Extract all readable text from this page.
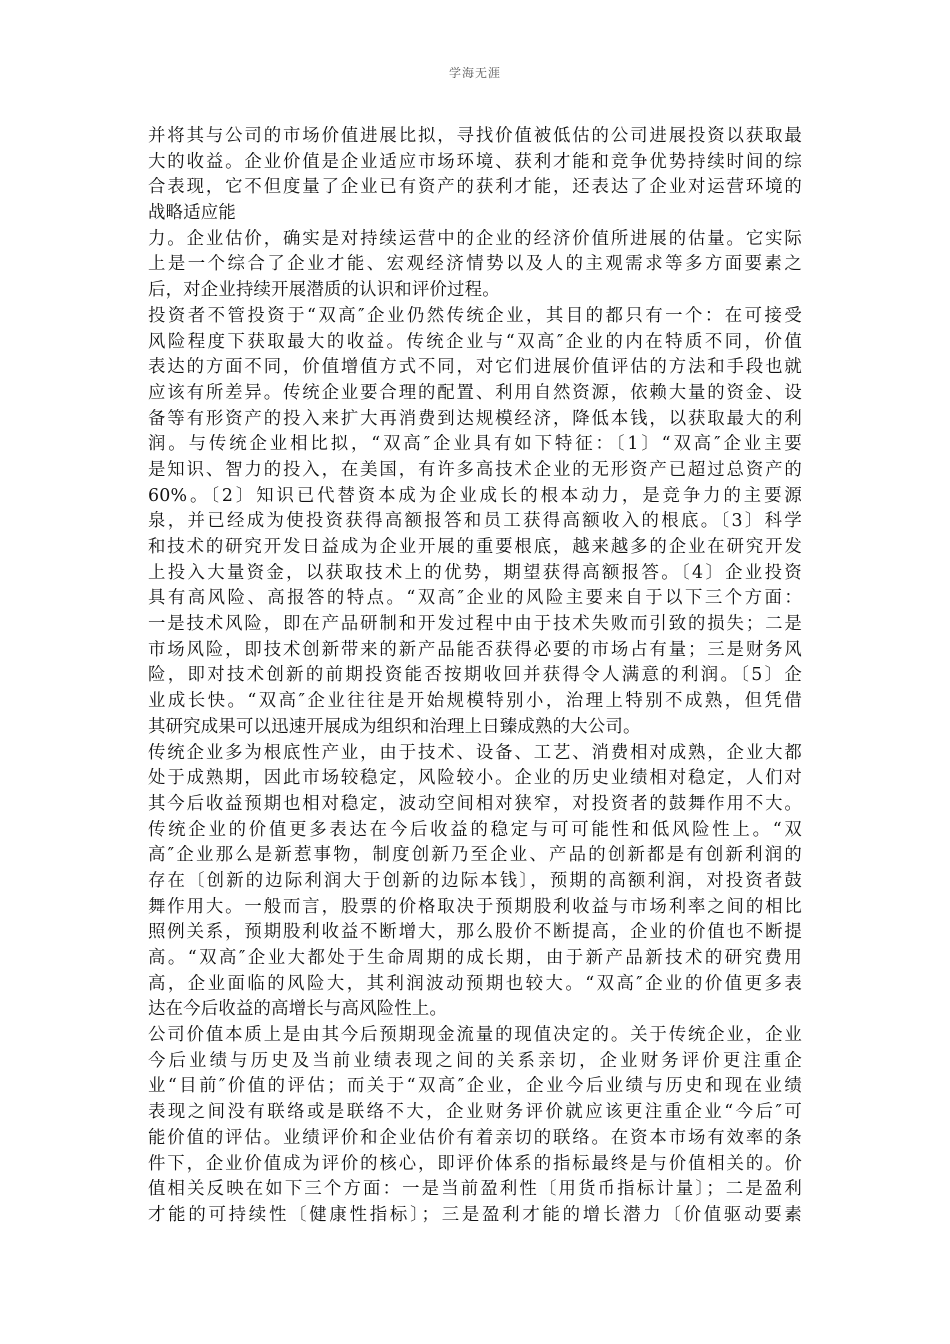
学海无涯
并将其与公司的市场价值进展比拟，寻找价值被低估的公司进展投资以获取最
大的收益。企业价值是企业适应市场环境、获利才能和竞争优势持续时间的综
合表现，它不但度量了企业已有资产的获利才能，还表达了企业对运营环境的
战略适应能
力。企业估价，确实是对持续运营中的企业的经济价值所进展的估量。它实际
上是一个综合了企业才能、宏观经济情势以及人的主观需求等多方面要素之
后，对企业持续开展潜质的认识和评价过程。
投资者不管投资于“双高″企业仍然传统企业，其目的都只有一个：在可接受
风险程度下获取最大的收益。传统企业与“双高″企业的内在特质不同，价值
表达的方面不同，价值增值方式不同，对它们进展价值评估的方法和手段也就
应该有所差异。传统企业要合理的配置、利用自然资源，依赖大量的资金、设
备等有形资产的投入来扩大再消费到达规模经济，降低本钱，以获取最大的利
润。与传统企业相比拟，“双高″企业具有如下特征：〔1〕“双高″企业主要
是知识、智力的投入，在美国，有许多高技术企业的无形资产已超过总资产的
60%。〔2〕知识已代替资本成为企业成长的根本动力，是竞争力的主要源
泉，并已经成为使投资获得高额报答和员工获得高额收入的根底。〔3〕科学
和技术的研究开发日益成为企业开展的重要根底，越来越多的企业在研究开发
上投入大量资金，以获取技术上的优势，期望获得高额报答。〔4〕企业投资
具有高风险、高报答的特点。“双高″企业的风险主要来自于以下三个方面：
一是技术风险，即在产品研制和开发过程中由于技术失败而引致的损失；二是
市场风险，即技术创新带来的新产品能否获得必要的市场占有量；三是财务风
险，即对技术创新的前期投资能否按期收回并获得令人满意的利润。〔5〕企
业成长快。“双高″企业往往是开始规模特别小，治理上特别不成熟，但凭借
其研究成果可以迅速开展成为组织和治理上日臻成熟的大公司。
传统企业多为根底性产业，由于技术、设备、工艺、消费相对成熟，企业大都
处于成熟期，因此市场较稳定，风险较小。企业的历史业绩相对稳定，人们对
其今后收益预期也相对稳定，波动空间相对狭窄，对投资者的鼓舞作用不大。
传统企业的价值更多表达在今后收益的稳定与可可能性和低风险性上。“双
高″企业那么是新惹事物，制度创新乃至企业、产品的创新都是有创新利润的
存在〔创新的边际利润大于创新的边际本钱〕，预期的高额利润，对投资者鼓
舞作用大。一般而言，股票的价格取决于预期股利收益与市场利率之间的相比
照例关系，预期股利收益不断增大，那么股价不断提高，企业的价值也不断提
高。“双高″企业大都处于生命周期的成长期，由于新产品新技术的研究费用
高，企业面临的风险大，其利润波动预期也较大。“双高″企业的价值更多表
达在今后收益的高增长与高风险性上。
公司价值本质上是由其今后预期现金流量的现值决定的。关于传统企业，企业
今后业绩与历史及当前业绩表现之间的关系亲切，企业财务评价更注重企
业“目前″价值的评估；而关于“双高″企业，企业今后业绩与历史和现在业绩
表现之间没有联络或是联络不大，企业财务评价就应该更注重企业“今后″可
能价值的评估。业绩评价和企业估价有着亲切的联络。在资本市场有效率的条
件下，企业价值成为评价的核心，即评价体系的指标最终是与价值相关的。价
值相关反映在如下三个方面：一是当前盈利性〔用货币指标计量〕；二是盈利
才能的可持续性〔健康性指标〕；三是盈利才能的增长潜力〔价值驱动要素
